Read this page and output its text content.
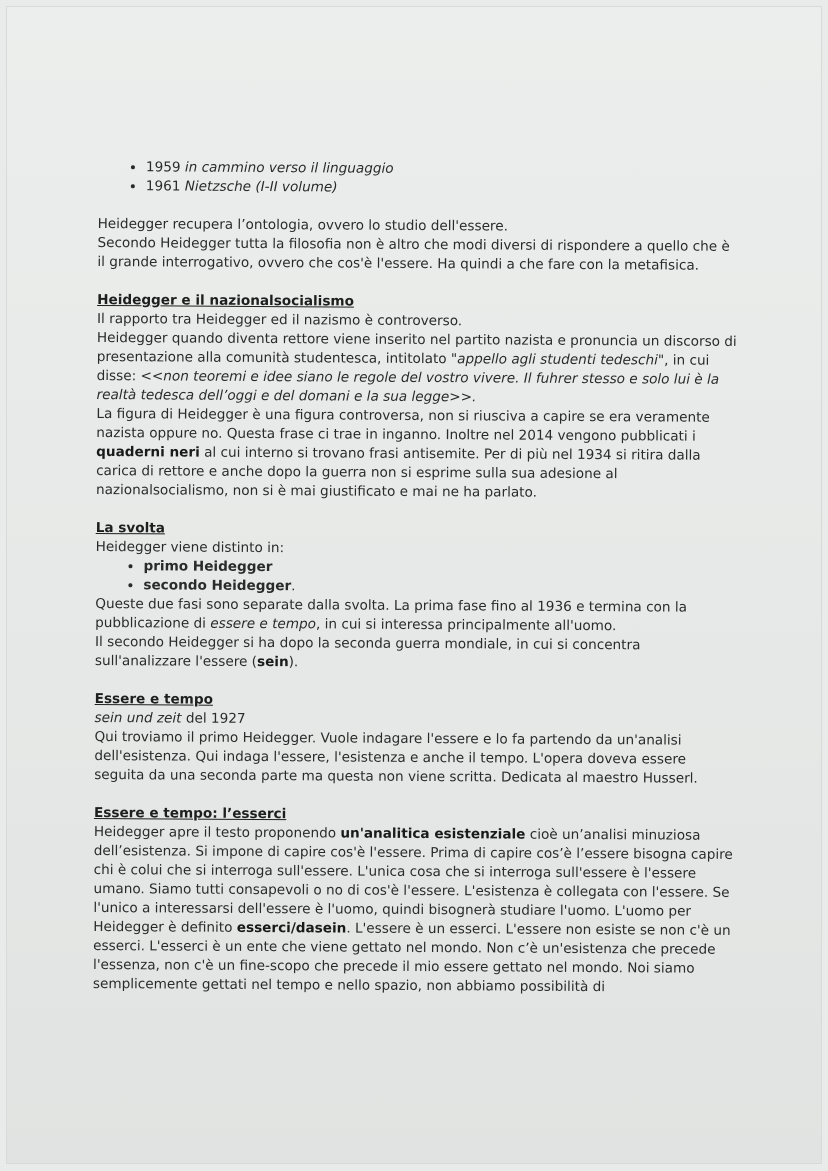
• 1959 in cammino verso il linguaggio
• 1961 Nietzsche (I-II volume)

Heidegger recupera l’ontologia, ovvero lo studio dell'essere.

Secondo Heidegger tutta la filosofia non è altro che modi diversi di rispondere a quello che è il grande interrogativo, ovvero che cos'è l'essere. Ha quindi a che fare con la metafisica.

Heidegger e il nazionalsocialismo

Il rapporto tra Heidegger ed il nazismo è controverso.

Heidegger quando diventa rettore viene inserito nel partito nazista e pronuncia un discorso di presentazione alla comunità studentesca, intitolato "appello agli studenti tedeschi", in cui disse: <<non teoremi e idee siano le regole del vostro vivere. Il fuhrer stesso e solo lui è la realtà tedesca dell’oggi e del domani e la sua legge>>.

La figura di Heidegger è una figura controversa, non si riusciva a capire se era veramente nazista oppure no. Questa frase ci trae in inganno. Inoltre nel 2014 vengono pubblicati i quaderni neri al cui interno si trovano frasi antisemite. Per di più nel 1934 si ritira dalla carica di rettore e anche dopo la guerra non si esprime sulla sua adesione al nazionalsocialismo, non si è mai giustificato e mai ne ha parlato.

La svolta

Heidegger viene distinto in:

• primo Heidegger
• secondo Heidegger.

Queste due fasi sono separate dalla svolta. La prima fase fino al 1936 e termina con la pubblicazione di essere e tempo, in cui si interessa principalmente all'uomo.

Il secondo Heidegger si ha dopo la seconda guerra mondiale, in cui si concentra sull'analizzare l'essere (sein).

Essere e tempo

sein und zeit del 1927

Qui troviamo il primo Heidegger. Vuole indagare l'essere e lo fa partendo da un'analisi dell'esistenza. Qui indaga l'essere, l'esistenza e anche il tempo. L'opera doveva essere seguita da una seconda parte ma questa non viene scritta. Dedicata al maestro Husserl.

Essere e tempo: l’esserci

Heidegger apre il testo proponendo un'analitica esistenziale cioè un’analisi minuziosa dell’esistenza. Si impone di capire cos'è l'essere. Prima di capire cos’è l’essere bisogna capire chi è colui che si interroga sull'essere. L'unica cosa che si interroga sull'essere è l'essere umano. Siamo tutti consapevoli o no di cos'è l'essere. L'esistenza è collegata con l'essere. Se l'unico a interessarsi dell'essere è l'uomo, quindi bisognerà studiare l'uomo. L'uomo per Heidegger è definito esserci/dasein. L'essere è un esserci. L'essere non esiste se non c'è un esserci. L'esserci è un ente che viene gettato nel mondo. Non c’è un'esistenza che precede l'essenza, non c'è un fine-scopo che precede il mio essere gettato nel mondo. Noi siamo semplicemente gettati nel tempo e nello spazio, non abbiamo possibilità di
